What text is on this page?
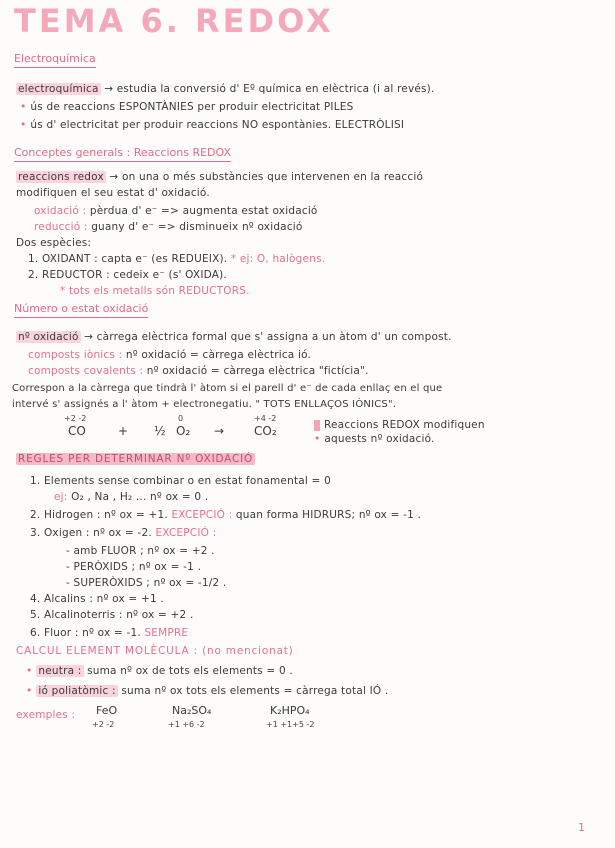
TEMA 6. REDOX
Electroquímica
electroquímica → estudia la conversió d' Eº química en elèctrica (i al revés).
• ús de reaccions ESPONTÀNIES per produir electricitat PILES
• ús d' electricitat per produir reaccions NO espontànies. ELECTRÒLISI
Conceptes generals : Reaccions REDOX
reaccions redox → on una o més substàncies que intervenen en la reacció
modifiquen el seu estat d' oxidació.
oxidació : pèrdua d' e⁻ => augmenta estat oxidació
reducció : guany d' e⁻ => disminueix nº oxidació
Dos espècies:
1. OXIDANT : capta e⁻ (es REDUEIX). * ej: O, halògens.
2. REDUCTOR : cedeix e⁻ (s' OXIDA).
* tots els metalls són REDUCTORS.
Número o estat oxidació
nº oxidació → càrrega elèctrica formal que s' assigna a un àtom d' un compost.
composts iònics : nº oxidació = càrrega elèctrica ió.
composts covalents : nº oxidació = càrrega elèctrica "fictícia".
Correspon a la càrrega que tindrà l' àtom si el parell d' e⁻ de cada enllaç en el que
intervé s' assignés a l' àtom + electronegatiu. " TOTS ENLLAÇOS IÒNICS".
+2 -2
CO	+ ½
0
O₂ →
+4 -2
CO₂	Reaccions REDOX modifiquen
• aquests nº oxidació.
REGLES PER DETERMINAR Nº OXIDACIÓ
1. Elements sense combinar o en estat fonamental = 0
ej: O₂ , Na , H₂ ... nº ox = 0 .
2. Hidrogen : nº ox = +1. EXCEPCIÓ : quan forma HIDRURS; nº ox = -1 .
3. Oxigen : nº ox = -2. EXCEPCIÓ :
- amb FLUOR ; nº ox = +2 .
- PERÒXIDS ; nº ox = -1 .
- SUPERÒXIDS ; nº ox = -1/2 .
4. Alcalins : nº ox = +1 .
5. Alcalinoterris : nº ox = +2 .
6. Fluor : nº ox = -1. SEMPRE
CALCUL ELEMENT MOLÈCULA : (no mencionat)
• neutra : suma nº ox de tots els elements = 0 .
• ió poliatòmic : suma nº ox tots els elements = càrrega total IÓ .
exemples : FeO
+2 -2
Na₂SO₄
+1 +6 -2
K₂HPO₄
+1 +1+5 -2
1
